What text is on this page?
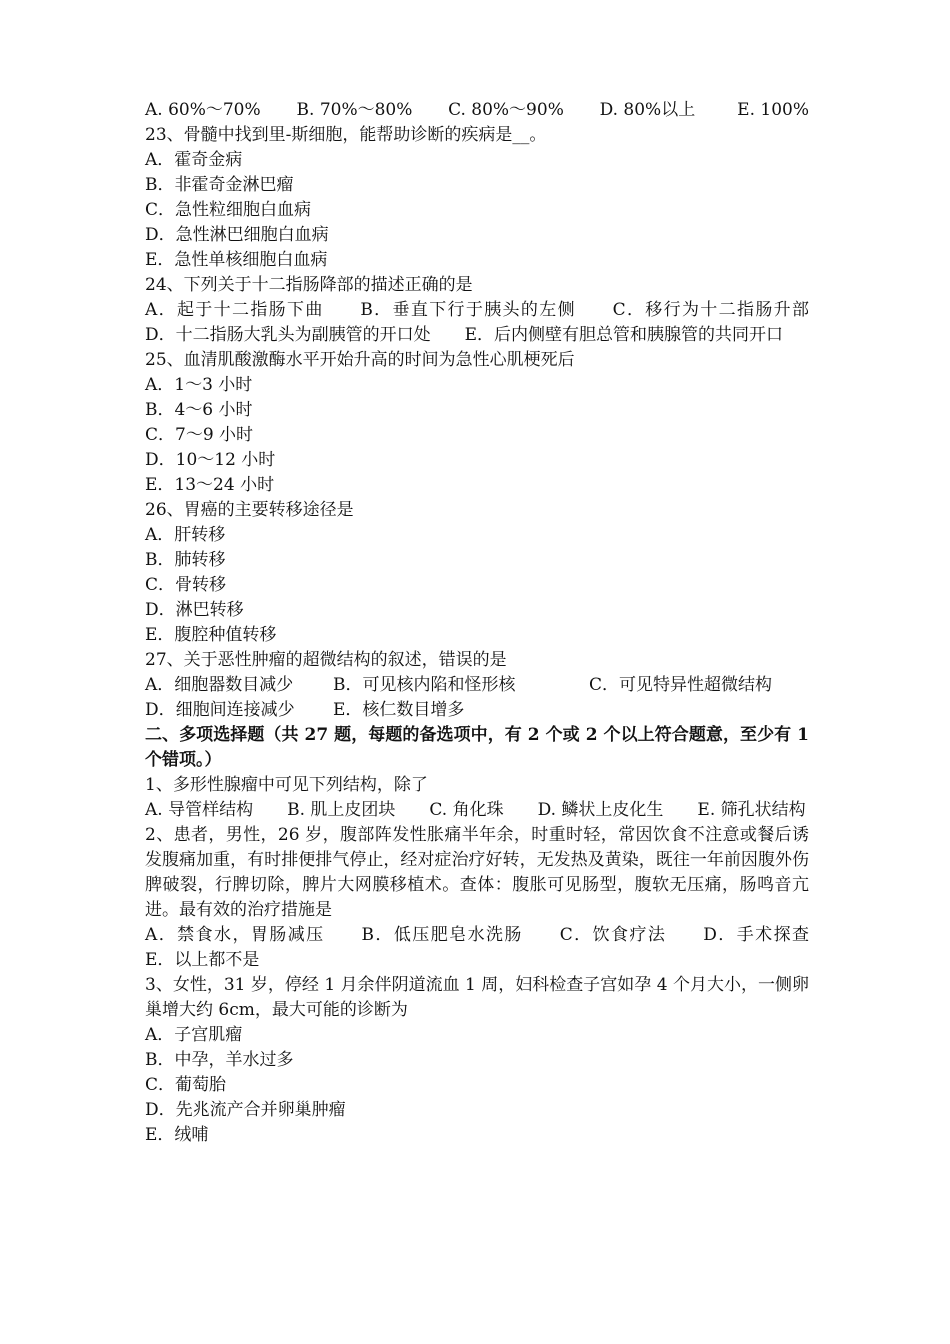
A. 60%～70%	B. 70%～80%	C. 80%～90%	D. 80%以上	E. 100%
23、骨髓中找到里-斯细胞，能帮助诊断的疾病是__。
A．霍奇金病
B．非霍奇金淋巴瘤
C．急性粒细胞白血病
D．急性淋巴细胞白血病
E．急性单核细胞白血病
24、下列关于十二指肠降部的描述正确的是
A．起于十二指肠下曲　　B．垂直下行于胰头的左侧　　C．移行为十二指肠升部　　D．十二指肠大乳头为副胰管的开口处　　E．后内侧壁有胆总管和胰腺管的共同开口
25、血清肌酸激酶水平开始升高的时间为急性心肌梗死后
A．1～3 小时
B．4～6 小时
C．7～9 小时
D．10～12 小时
E．13～24 小时
26、胃癌的主要转移途径是
A．肝转移
B．肺转移
C．骨转移
D．淋巴转移
E．腹腔种值转移
27、关于恶性肿瘤的超微结构的叙述，错误的是
A．细胞器数目减少	B．可见核内陷和怪形核	C．可见特异性超微结构
D．细胞间连接减少	E．核仁数目增多
二、多项选择题（共 27 题，每题的备选项中，有 2 个或 2 个以上符合题意，至少有 1 个错项。）
1、多形性腺瘤中可见下列结构，除了
A. 导管样结构　　B. 肌上皮团块　　C. 角化珠　　D. 鳞状上皮化生　　E. 筛孔状结构
2、患者，男性，26 岁，腹部阵发性胀痛半年余，时重时轻，常因饮食不注意或餐后诱发腹痛加重，有时排便排气停止，经对症治疗好转，无发热及黄染，既往一年前因腹外伤脾破裂，行脾切除，脾片大网膜移植术。查体：腹胀可见肠型，腹软无压痛，肠鸣音亢进。最有效的治疗措施是
A．禁食水，胃肠减压　　B．低压肥皂水洗肠　　C．饮食疗法　　D．手术探查　　E．以上都不是
3、女性，31 岁，停经 1 月余伴阴道流血 1 周，妇科检查子宫如孕 4 个月大小，一侧卵巢增大约 6cm，最大可能的诊断为
A．子宫肌瘤
B．中孕，羊水过多
C．葡萄胎
D．先兆流产合并卵巢肿瘤
E．绒哺
